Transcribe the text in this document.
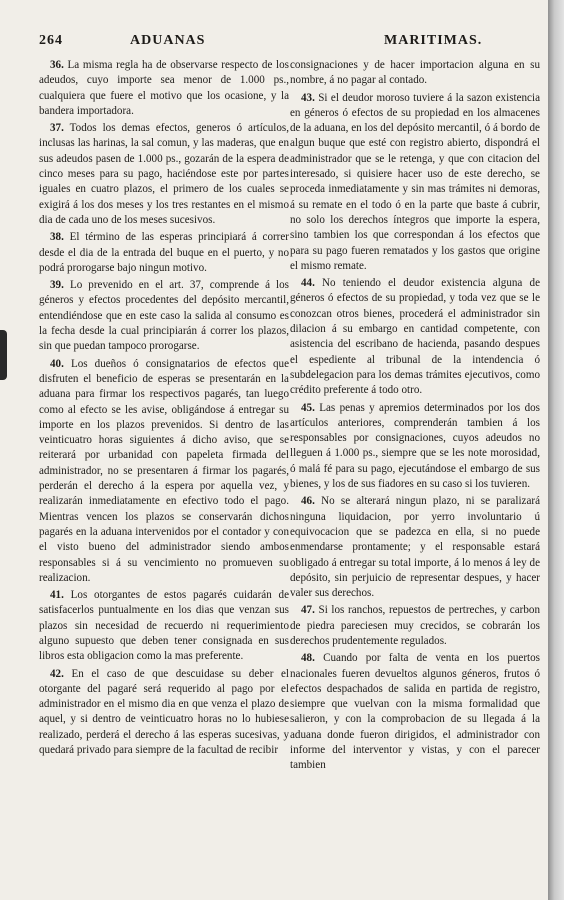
264	ADUANAS	MARITIMAS.

36. La misma regla ha de observarse respecto de los adeudos, cuyo importe sea menor de 1.000 ps., cualquiera que fuere el motivo que los ocasione, y la bandera importadora.

37. Todos los demas efectos, generos ó artículos, inclusas las harinas, la sal comun, y las maderas, que en sus adeudos pasen de 1.000 ps., gozarán de la espera de cinco meses para su pago, haciéndose este por partes iguales en cuatro plazos, el primero de los cuales se exigirá á los dos meses y los tres restantes en el mismo dia de cada uno de los meses sucesivos.

38. El término de las esperas principiará á correr desde el dia de la entrada del buque en el puerto, y no podrá prorogarse bajo ningun motivo.

39. Lo prevenido en el art. 37, comprende á los géneros y efectos procedentes del depósito mercantil, entendiéndose que en este caso la salida al consumo es la fecha desde la cual principiarán á correr los plazos, sin que puedan tampoco prorogarse.

40. Los dueños ó consignatarios de efectos que disfruten el beneficio de esperas se presentarán en la aduana para firmar los respectivos pagarés, tan luego como al efecto se les avise, obligándose á entregar su importe en los plazos prevenidos. Si dentro de las veinticuatro horas siguientes á dicho aviso, que se reiterará por urbanidad con papeleta firmada del administrador, no se presentaren á firmar los pagarés, perderán el derecho á la espera por aquella vez, y realizarán inmediatamente en efectivo todo el pago. Mientras vencen los plazos se conservarán dichos pagarés en la aduana intervenidos por el contador y con el visto bueno del administrador siendo ambos responsables si á su vencimiento no promueven su realizacion.

41. Los otorgantes de estos pagarés cuidarán de satisfacerlos puntualmente en los dias que venzan sus plazos sin necesidad de recuerdo ni requerimiento alguno supuesto que deben tener consignada en sus libros esta obligacion como la mas preferente.

42. En el caso de que descuidase su deber el otorgante del pagaré será requerido al pago por el administrador en el mismo dia en que venza el plazo de aquel, y si dentro de veinticuatro horas no lo hubiese realizado, perderá el derecho á las esperas sucesivas, y quedará privado para siempre de la facultad de recibir

consignaciones y de hacer importacion alguna en su nombre, á no pagar al contado.

43. Si el deudor moroso tuviere á la sazon existencia en géneros ó efectos de su propiedad en los almacenes de la aduana, en los del depósito mercantil, ó á bordo de algun buque que esté con registro abierto, dispondrá el administrador que se le retenga, y que con citacion del interesado, si quisiere hacer uso de este derecho, se proceda inmediatamente y sin mas trámites ni demoras, á su remate en el todo ó en la parte que baste á cubrir, no solo los derechos íntegros que importe la espera, sino tambien los que correspondan á los efectos que para su pago fueren rematados y los gastos que origine el mismo remate.

44. No teniendo el deudor existencia alguna de géneros ó efectos de su propiedad, y toda vez que se le conozcan otros bienes, procederá el administrador sin dilacion á su embargo en cantidad competente, con asistencia del escribano de hacienda, pasando despues el espediente al tribunal de la intendencia ó subdelegacion para los demas trámites ejecutivos, como crédito preferente á todo otro.

45. Las penas y apremios determinados por los dos artículos anteriores, comprenderán tambien á los responsables por consignaciones, cuyos adeudos no lleguen á 1.000 ps., siempre que se les note morosidad, ó malá fé para su pago, ejecutándose el embargo de sus bienes, y los de sus fiadores en su caso si los tuvieren.

46. No se alterará ningun plazo, ni se paralizará ninguna liquidacion, por yerro involuntario ú equivocacion que se padezca en ella, si no puede enmendarse prontamente; y el responsable estará obligado á entregar su total importe, á lo menos á ley de depósito, sin perjuicio de representar despues, y hacer valer sus derechos.

47. Si los ranchos, repuestos de pertreches, y carbon de piedra pareciesen muy crecidos, se cobrarán los derechos prudentemente regulados.

48. Cuando por falta de venta en los puertos nacionales fueren devueltos algunos géneros, frutos ó efectos despachados de salida en partida de registro, siempre que vuelvan con la misma formalidad que salieron, y con la comprobacion de su llegada á la aduana donde fueron dirigidos, el administrador con informe del interventor y vistas, y con el parecer tambien
